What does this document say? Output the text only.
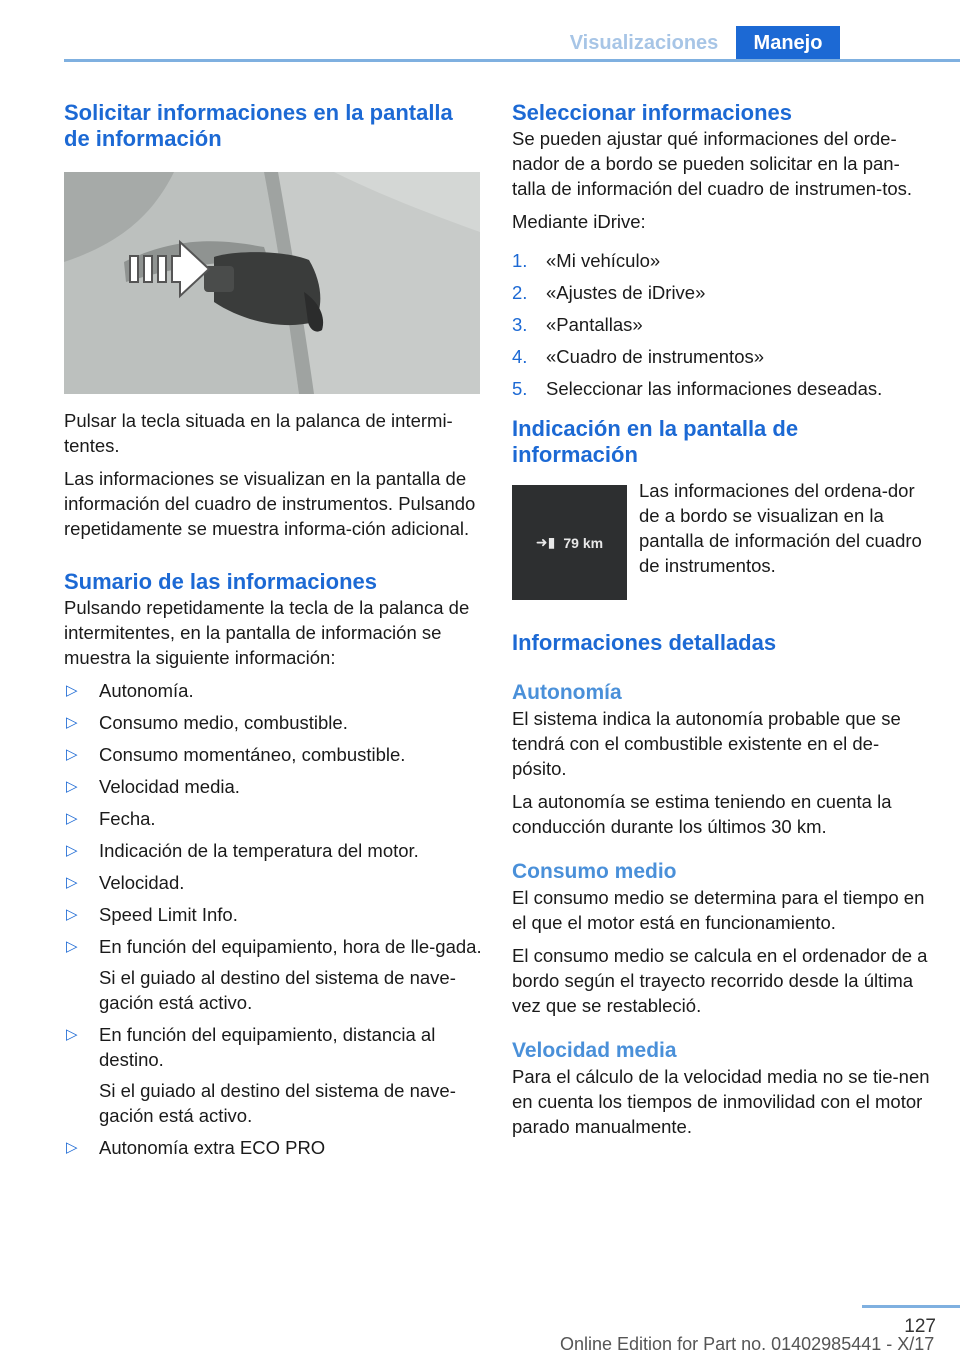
Visualizaciones	Manejo
Solicitar informaciones en la pantalla de información

Pulsar la tecla situada en la palanca de intermi‐tentes.

Las informaciones se visualizan en la pantalla de información del cuadro de instrumentos. Pulsando repetidamente se muestra informa‐ción adicional.

Sumario de las informaciones

Pulsando repetidamente la tecla de la palanca de intermitentes, en la pantalla de información se muestra la siguiente información:

▷ Autonomía.
▷ Consumo medio, combustible.
▷ Consumo momentáneo, combustible.
▷ Velocidad media.
▷ Fecha.
▷ Indicación de la temperatura del motor.
▷ Velocidad.
▷ Speed Limit Info.
▷ En función del equipamiento, hora de lle‐gada.
Si el guiado al destino del sistema de nave‐gación está activo.
▷ En función del equipamiento, distancia al destino.
Si el guiado al destino del sistema de nave‐gación está activo.
▷ Autonomía extra ECO PRO
Seleccionar informaciones

Se pueden ajustar qué informaciones del orde‐nador de a bordo se pueden solicitar en la pan‐talla de información del cuadro de instrumen‐tos.

Mediante iDrive:

1. «Mi vehículo»
2. «Ajustes de iDrive»
3. «Pantallas»
4. «Cuadro de instrumentos»
5. Seleccionar las informaciones deseadas.
Indicación en la pantalla de información
➜▮ 79 km

Las informaciones del ordena‐dor de a bordo se visualizan en la pantalla de información del cuadro de instrumentos.

Informaciones detalladas
Autonomía

El sistema indica la autonomía probable que se tendrá con el combustible existente en el de‐pósito.

La autonomía se estima teniendo en cuenta la conducción durante los últimos 30 km.

Consumo medio

El consumo medio se determina para el tiempo en el que el motor está en funcionamiento.

El consumo medio se calcula en el ordenador de a bordo según el trayecto recorrido desde la última vez que se restableció.

Velocidad media

Para el cálculo de la velocidad media no se tie‐nen en cuenta los tiempos de inmovilidad con el motor parado manualmente.

127
Online Edition for Part no. 01402985441 - X/17
